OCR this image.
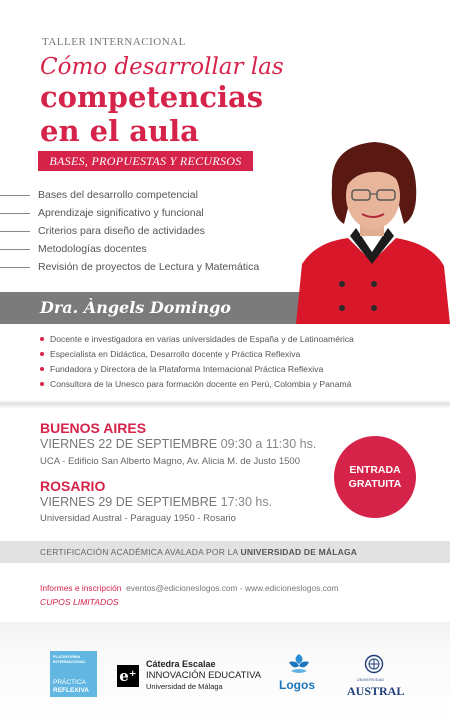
TALLER INTERNACIONAL
Cómo desarrollar las
competencias
en el aula
BASES, PROPUESTAS Y RECURSOS
Bases del desarrollo competencial
Aprendizaje significativo y funcional
Criterios para diseño de actividades
Metodologías docentes
Revisión de proyectos de Lectura y Matemática
Dra. Àngels Domingo
Docente e investigadora en varias universidades de España y de Latinoamérica
Especialista en Didáctica, Desarrollo docente y Práctica Reflexiva
Fundadora y Directora de la Plataforma Internacional Práctica Reflexiva
Consultora de la Unesco para formación docente en Perú, Colombia y Panamá
BUENOS AIRES
VIERNES 22 DE SEPTIEMBRE 09:30 a 11:30 hs.
UCA - Edificio San Alberto Magno, Av. Alicia M. de Justo 1500
ROSARIO
VIERNES 29 DE SEPTIEMBRE 17:30 hs.
Universidad Austral - Paraguay 1950 - Rosario
ENTRADA
GRATUITA
CERTIFICACIÓN ACADÉMICA AVALADA POR LA UNIVERSIDAD DE MÁLAGA
Informes e inscripción eventos@edicioneslogos.com - www.edicioneslogos.com
CUPOS LIMITADOS
PLATAFORMA
INTERNACIONAL
PRÁCTICA
REFLEXIVA
e⁺
Cátedra Escalae
INNOVACIÓN EDUCATIVA
Universidad de Málaga	Logos	UNIVERSIDAD
AUSTRAL
